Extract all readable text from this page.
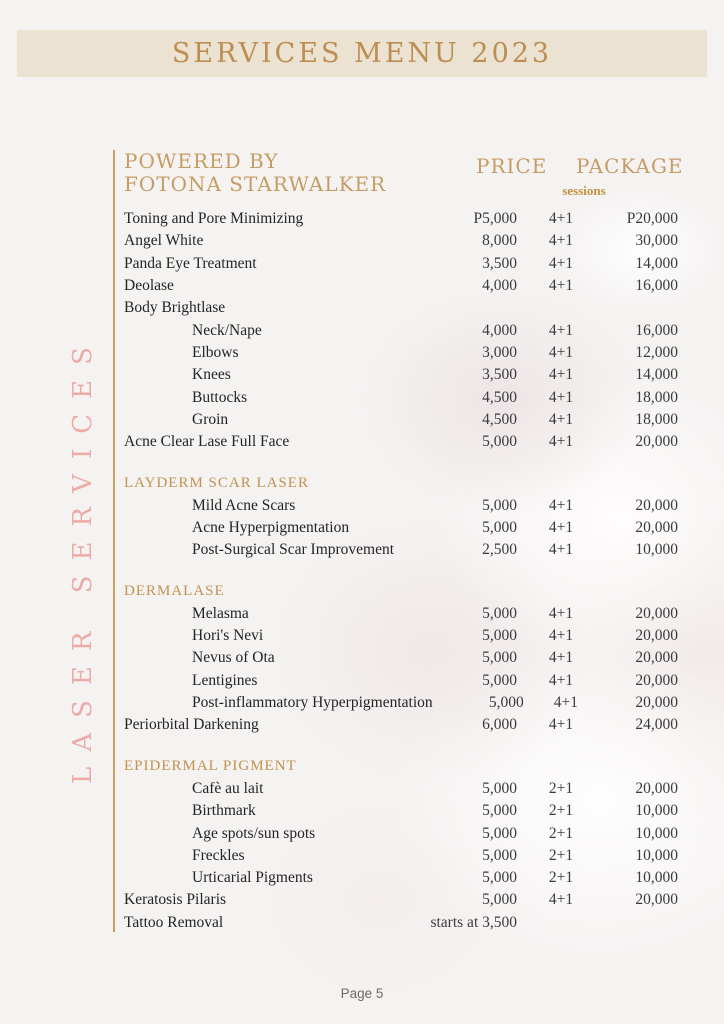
SERVICES MENU 2023
LASER SERVICES
POWERED BY
FOTONA STARWALKER
PRICE PACKAGE
sessions
Toning and Pore Minimizing	P5,000	4+1	P20,000
Angel White	8,000	4+1	30,000
Panda Eye Treatment	3,500	4+1	14,000
Deolase	4,000	4+1	16,000
Body Brightlase
Neck/Nape	4,000	4+1	16,000
Elbows	3,000	4+1	12,000
Knees	3,500	4+1	14,000
Buttocks	4,500	4+1	18,000
Groin	4,500	4+1	18,000
Acne Clear Lase Full Face	5,000	4+1	20,000
LAYDERM SCAR LASER
Mild Acne Scars	5,000	4+1	20,000
Acne Hyperpigmentation	5,000	4+1	20,000
Post-Surgical Scar Improvement	2,500	4+1	10,000
DERMALASE
Melasma	5,000	4+1	20,000
Hori's Nevi	5,000	4+1	20,000
Nevus of Ota	5,000	4+1	20,000
Lentigines	5,000	4+1	20,000
Post-inflammatory Hyperpigmentation	5,000	4+1	20,000
Periorbital Darkening	6,000	4+1	24,000
EPIDERMAL PIGMENT
Cafè au lait	5,000	2+1	20,000
Birthmark	5,000	2+1	10,000
Age spots/sun spots	5,000	2+1	10,000
Freckles	5,000	2+1	10,000
Urticarial Pigments	5,000	2+1	10,000
Keratosis Pilaris	5,000	4+1	20,000
Tattoo Removal	starts at 3,500
Page 5
